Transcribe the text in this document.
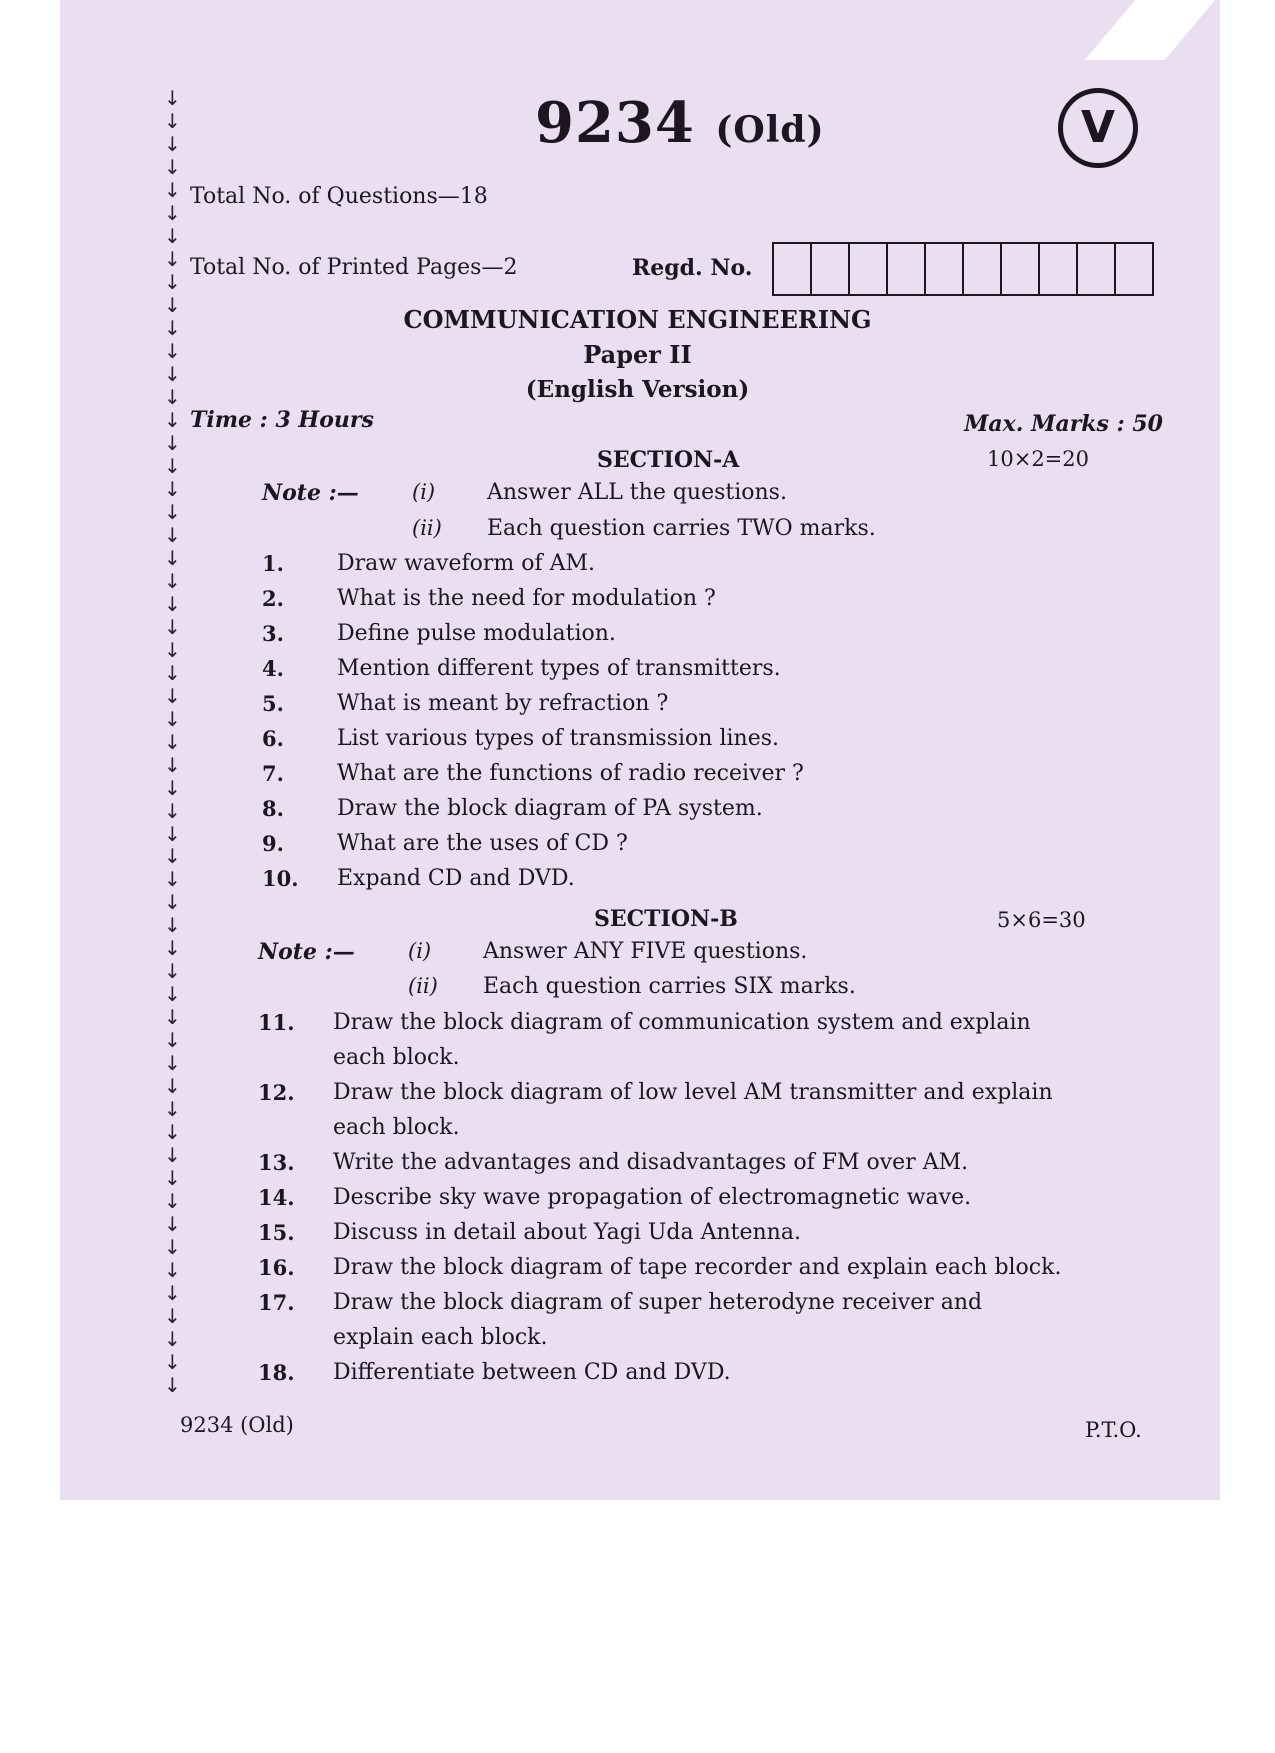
↓
↓
↓
↓
↓
↓
↓
↓
↓
↓
↓
↓
↓
↓
↓
↓
↓
↓
↓
↓
↓
↓
↓
↓
↓
↓
↓
↓
↓
↓
↓
↓
↓
↓
↓
↓
↓
↓
↓
↓
↓
↓
↓
↓
↓
↓
↓
↓
↓
↓
↓
↓
↓
↓
↓
↓
↓
9234 (Old)	V
Total No. of Questions—18
Total No. of Printed Pages—2	Regd. No.
COMMUNICATION ENGINEERING
Paper II
(English Version)
Time : 3 Hours	Max. Marks : 50
SECTION-A	10×2=20
Note :—	(i) Answer ALL the questions.
(ii) Each question carries TWO marks.
1. Draw waveform of AM.
2. What is the need for modulation ?
3. Define pulse modulation.
4. Mention different types of transmitters.
5. What is meant by refraction ?
6. List various types of transmission lines.
7. What are the functions of radio receiver ?
8. Draw the block diagram of PA system.
9. What are the uses of CD ?
10. Expand CD and DVD.
SECTION-B	5×6=30
Note :—	(i) Answer ANY FIVE questions.
(ii) Each question carries SIX marks.
11. Draw the block diagram of communication system and explain
each block.
12. Draw the block diagram of low level AM transmitter and explain
each block.
13. Write the advantages and disadvantages of FM over AM.
14. Describe sky wave propagation of electromagnetic wave.
15. Discuss in detail about Yagi Uda Antenna.
16. Draw the block diagram of tape recorder and explain each block.
17. Draw the block diagram of super heterodyne receiver and
explain each block.
18. Differentiate between CD and DVD.
9234 (Old)	P.T.O.
